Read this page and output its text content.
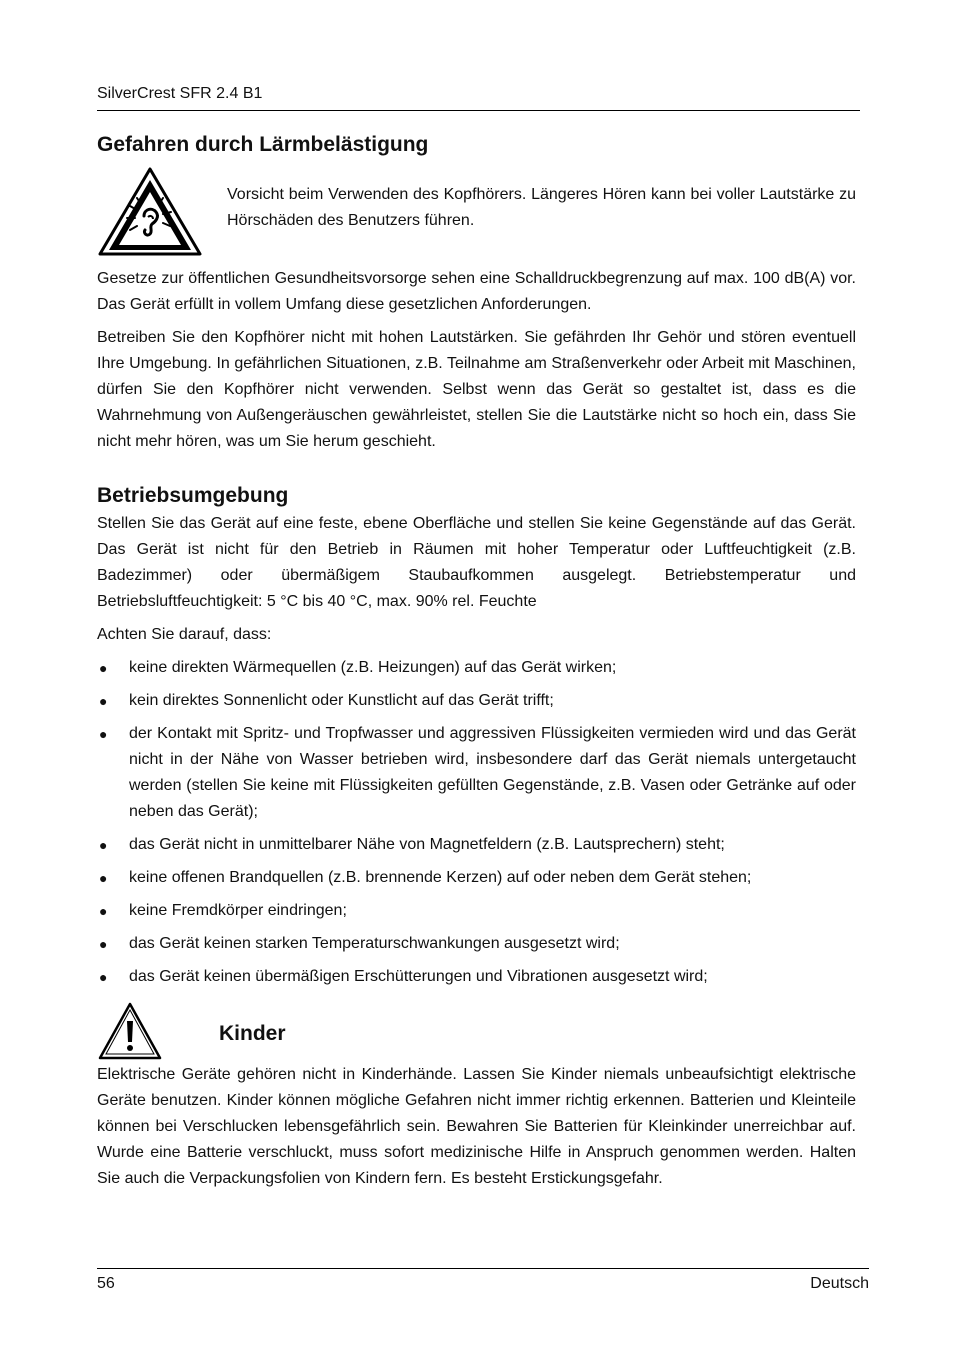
SilverCrest SFR 2.4 B1
Gefahren durch Lärmbelästigung

Vorsicht beim Verwenden des Kopfhörers. Längeres Hören kann bei voller Lautstärke zu Hörschäden des Benutzers führen.

Gesetze zur öffentlichen Gesundheitsvorsorge sehen eine Schalldruckbegrenzung auf max. 100 dB(A) vor. Das Gerät erfüllt in vollem Umfang diese gesetzlichen Anforderungen.

Betreiben Sie den Kopfhörer nicht mit hohen Lautstärken. Sie gefährden Ihr Gehör und stören eventuell Ihre Umgebung. In gefährlichen Situationen, z.B. Teilnahme am Straßenverkehr oder Arbeit mit Maschinen, dürfen Sie den Kopfhörer nicht verwenden. Selbst wenn das Gerät so gestaltet ist, dass es die Wahrnehmung von Außengeräuschen gewährleistet, stellen Sie die Lautstärke nicht so hoch ein, dass Sie nicht mehr hören, was um Sie herum geschieht.

Betriebsumgebung

Stellen Sie das Gerät auf eine feste, ebene Oberfläche und stellen Sie keine Gegenstände auf das Gerät. Das Gerät ist nicht für den Betrieb in Räumen mit hoher Temperatur oder Luftfeuchtigkeit (z.B. Badezimmer) oder übermäßigem Staubaufkommen ausgelegt. Betriebstemperatur und Betriebsluftfeuchtigkeit: 5 °C bis 40 °C, max. 90% rel. Feuchte

Achten Sie darauf, dass:

● keine direkten Wärmequellen (z.B. Heizungen) auf das Gerät wirken;
● kein direktes Sonnenlicht oder Kunstlicht auf das Gerät trifft;
● der Kontakt mit Spritz- und Tropfwasser und aggressiven Flüssigkeiten vermieden wird und das Gerät nicht in der Nähe von Wasser betrieben wird, insbesondere darf das Gerät niemals untergetaucht werden (stellen Sie keine mit Flüssigkeiten gefüllten Gegenstände, z.B. Vasen oder Getränke auf oder neben das Gerät);
● das Gerät nicht in unmittelbarer Nähe von Magnetfeldern (z.B. Lautsprechern) steht;
● keine offenen Brandquellen (z.B. brennende Kerzen) auf oder neben dem Gerät stehen;
● keine Fremdkörper eindringen;
● das Gerät keinen starken Temperaturschwankungen ausgesetzt wird;
● das Gerät keinen übermäßigen Erschütterungen und Vibrationen ausgesetzt wird;
Kinder

Elektrische Geräte gehören nicht in Kinderhände. Lassen Sie Kinder niemals unbeaufsichtigt elektrische Geräte benutzen. Kinder können mögliche Gefahren nicht immer richtig erkennen. Batterien und Kleinteile können bei Verschlucken lebensgefährlich sein. Bewahren Sie Batterien für Kleinkinder unerreichbar auf. Wurde eine Batterie verschluckt, muss sofort medizinische Hilfe in Anspruch genommen werden. Halten Sie auch die Verpackungsfolien von Kindern fern. Es besteht Erstickungsgefahr.

56	Deutsch
